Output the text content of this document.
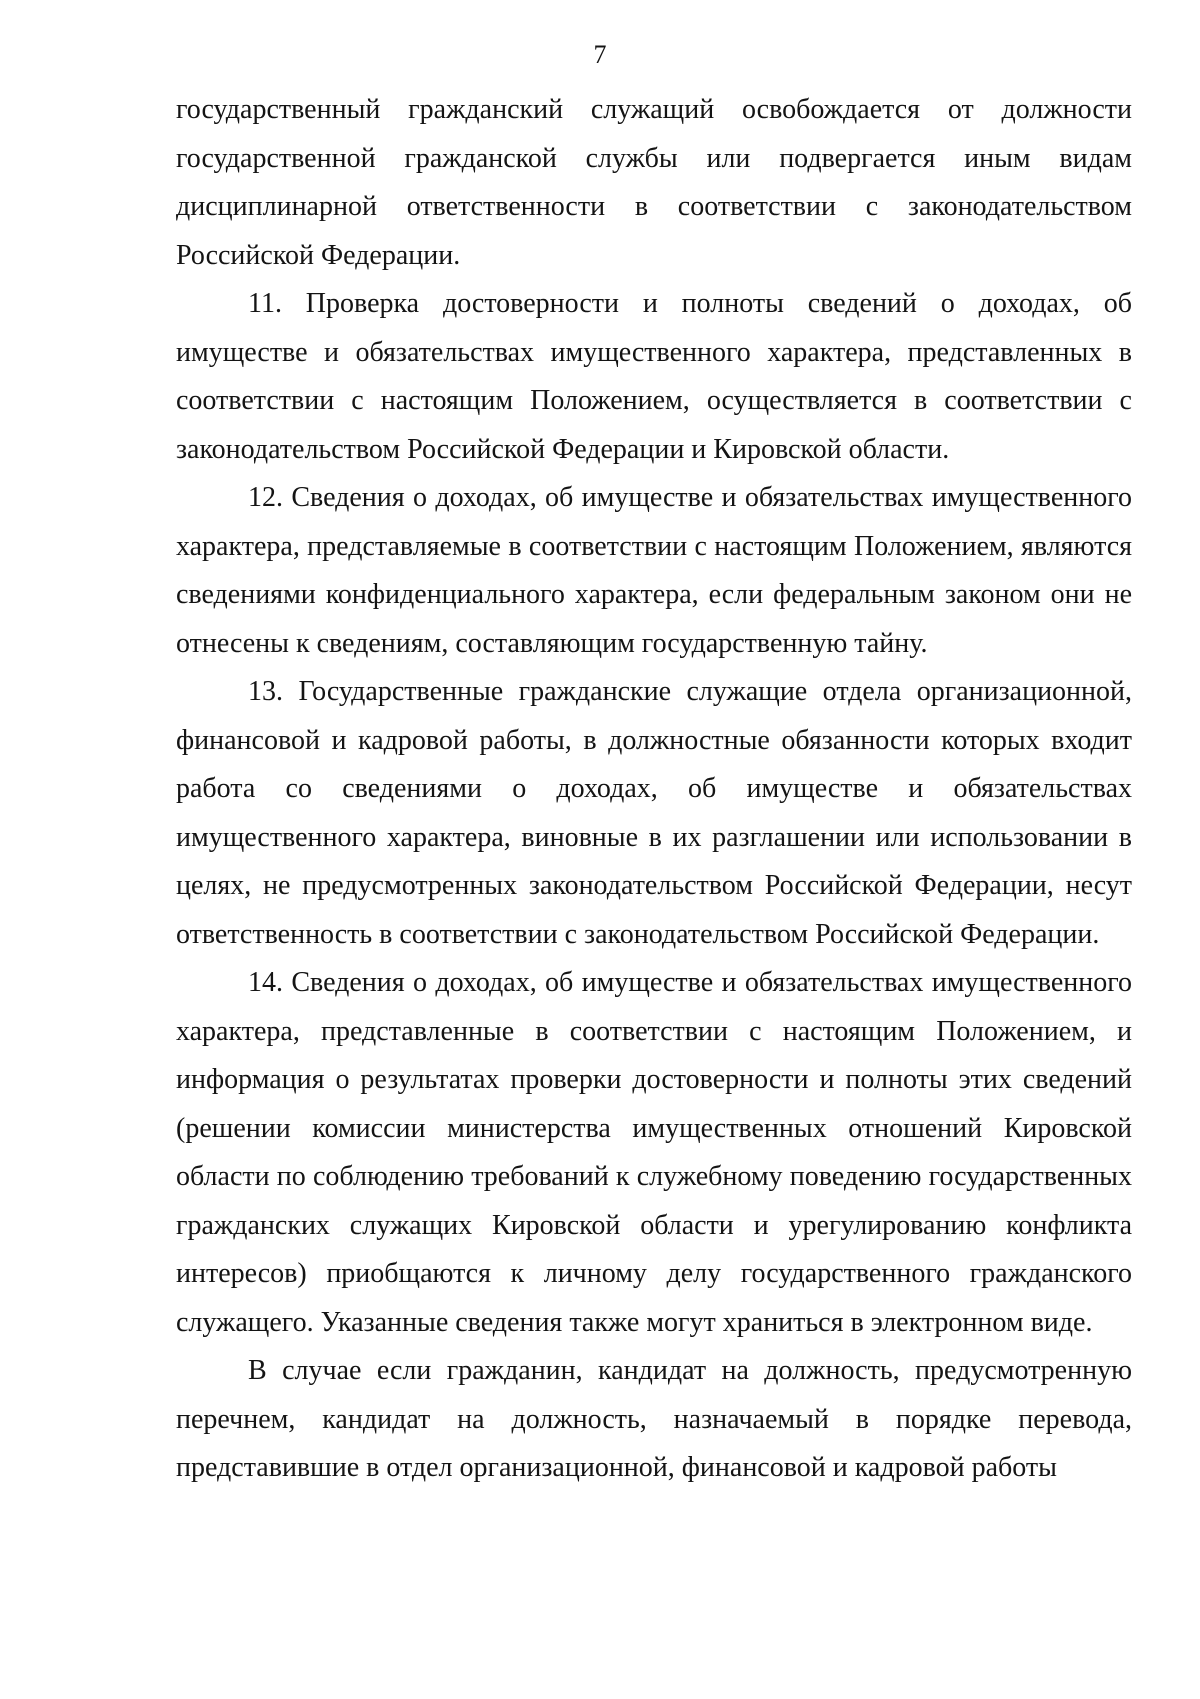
7

государственный гражданский служащий освобождается от должности государственной гражданской службы или подвергается иным видам дисциплинарной ответственности в соответствии с законодательством Российской Федерации.

11. Проверка достоверности и полноты сведений о доходах, об имуществе и обязательствах имущественного характера, представленных в соответствии с настоящим Положением, осуществляется в соответствии с законодательством Российской Федерации и Кировской области.

12. Сведения о доходах, об имуществе и обязательствах имущественного характера, представляемые в соответствии с настоящим Положением, являются сведениями конфиденциального характера, если федеральным законом они не отнесены к сведениям, составляющим государственную тайну.

13. Государственные гражданские служащие отдела организационной, финансовой и кадровой работы, в должностные обязанности которых входит работа со сведениями о доходах, об имуществе и обязательствах имущественного характера, виновные в их разглашении или использовании в целях, не предусмотренных законодательством Российской Федерации, несут ответственность в соответствии с законодательством Российской Федерации.

14. Сведения о доходах, об имуществе и обязательствах имущественного характера, представленные в соответствии с настоящим Положением, и информация о результатах проверки достоверности и полноты этих сведений (решении комиссии министерства имущественных отношений Кировской области по соблюдению требований к служебному поведению государственных гражданских служащих Кировской области и урегулированию конфликта интересов) приобщаются к личному делу государственного гражданского служащего. Указанные сведения также могут храниться в электронном виде.

В случае если гражданин, кандидат на должность, предусмотренную перечнем, кандидат на должность, назначаемый в порядке перевода, представившие в отдел организационной, финансовой и кадровой работы
